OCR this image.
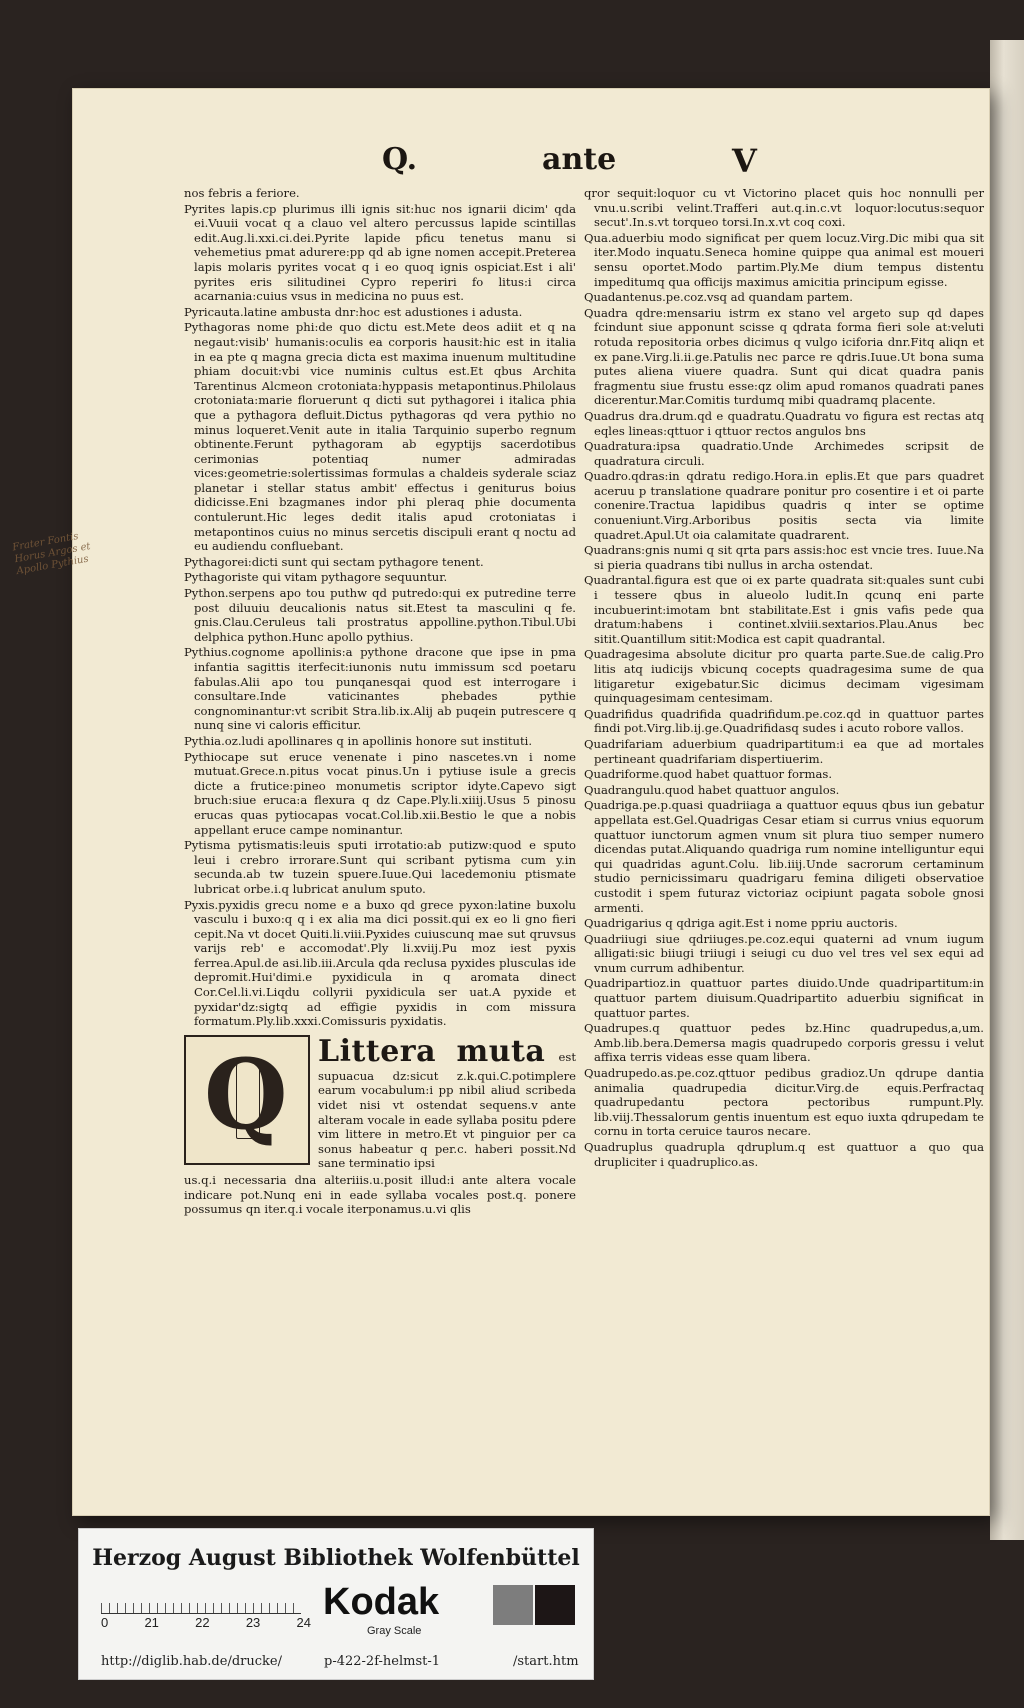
Q.	ante	V

nos febris a feriore.

Pyrites lapis.cp plurimus illi ignis sit:huc nos ignarii dicim' qda ei.Vuuii vocat q a clauo vel altero percussus lapide scintillas edit.Aug.li.xxi.ci.dei.Pyrite lapide pficu tenetus manu si vehemetius pmat adurere:pp qd ab igne nomen accepit.Preterea lapis molaris pyrites vocat q i eo quoq ignis ospiciat.Est i ali' pyrites eris silitudinei Cypro reperiri fo litus:i circa acarnania:cuius vsus in medicina no puus est.

Pyricauta.latine ambusta dnr:hoc est adustiones i adusta.

Pythagoras nome phi:de quo dictu est.Mete deos adiit et q na negaut:visib' humanis:oculis ea corporis hausit:hic est in italia in ea pte q magna grecia dicta est maxima inuenum multitudine phiam docuit:vbi vice numinis cultus est.Et qbus Archita Tarentinus Alcmeon crotoniata:hyppasis metapontinus.Philolaus crotoniata:marie floruerunt q dicti sut pythagorei i italica phia que a pythagora defluit.Dictus pythagoras qd vera pythio no minus loqueret.Venit aute in italia Tarquinio superbo regnum obtinente.Ferunt pythagoram ab egyptijs sacerdotibus cerimonias potentiaq numer admiradas vices:geometrie:solertissimas formulas a chaldeis syderale sciaz planetar i stellar status ambit' effectus i geniturus boius didicisse.Eni bzagmanes indor phi pleraq phie documenta contulerunt.Hic leges dedit italis apud crotoniatas i metapontinos cuius no minus sercetis discipuli erant q noctu ad eu audiendu confluebant.

Pythagorei:dicti sunt qui sectam pythagore tenent.

Pythagoriste qui vitam pythagore sequuntur.

Python.serpens apo tou puthw qd putredo:qui ex putredine terre post diluuiu deucalionis natus sit.Etest ta masculini q fe. gnis.Clau.Ceruleus tali prostratus appolline.python.Tibul.Ubi delphica python.Hunc apollo pythius.

Pythius.cognome apollinis:a pythone dracone que ipse in pma infantia sagittis iterfecit:iunonis nutu immissum scd poetaru fabulas.Alii apo tou punqanesqai quod est interrogare i consultare.Inde vaticinantes phebades pythie congnominantur:vt scribit Stra.lib.ix.Alij ab puqein putrescere q nunq sine vi caloris efficitur.

Pythia.oz.ludi apollinares q in apollinis honore sut instituti.

Pythiocape sut eruce venenate i pino nascetes.vn i nome mutuat.Grece.n.pitus vocat pinus.Un i pytiuse isule a grecis dicte a frutice:pineo monumetis scriptor idyte.Capevo sigt bruch:siue eruca:a flexura q dz Cape.Ply.li.xiiij.Usus 5 pinosu erucas quas pytiocapas vocat.Col.lib.xii.Bestio le que a nobis appellant eruce campe nominantur.

Pytisma pytismatis:leuis sputi irrotatio:ab putizw:quod e sputo leui i crebro irrorare.Sunt qui scribant pytisma cum y.in secunda.ab tw tuzein spuere.Iuue.Qui lacedemoniu ptismate lubricat orbe.i.q lubricat anulum sputo.

Pyxis.pyxidis grecu nome e a buxo qd grece pyxon:latine buxolu vasculu i buxo:q q i ex alia ma dici possit.qui ex eo li gno fieri cepit.Na vt docet Quiti.li.viii.Pyxides cuiuscunq mae sut qruvsus varijs reb' e accomodat'.Ply li.xviij.Pu moz iest pyxis ferrea.Apul.de asi.lib.iii.Arcula qda reclusa pyxides plusculas ide depromit.Hui'dimi.e pyxidicula in q aromata dinect Cor.Cel.li.vi.Liqdu collyrii pyxidicula ser uat.A pyxide et pyxidar'dz:sigtq ad effigie pyxidis in com missura formatum.Ply.lib.xxxi.Comissuris pyxidatis.

Q Littera muta est supuacua dz:sicut z.k.qui.C.potimplere earum vocabulum:i pp nibil aliud scribeda videt nisi vt ostendat sequens.v ante alteram vocale in eade syllaba positu pdere vim littere in metro.Et vt pinguior per ca sonus habeatur q per.c. haberi possit.Nd sane terminatio ipsi

us.q.i necessaria dna alteriiis.u.posit illud:i ante altera vocale indicare pot.Nunq eni in eade syllaba vocales post.q. ponere possumus qn iter.q.i vocale iterponamus.u.vi qlis

qror sequit:loquor cu vt Victorino placet quis hoc nonnulli per vnu.u.scribi velint.Trafferi aut.q.in.c.vt loquor:locutus:sequor secut'.In.s.vt torqueo torsi.In.x.vt coq coxi.

Qua.aduerbiu modo significat per quem locuz.Virg.Dic mibi qua sit iter.Modo inquatu.Seneca homine quippe qua animal est moueri sensu oportet.Modo partim.Ply.Me dium tempus distentu impeditumq qua officijs maximus amicitia principum egisse.

Quadantenus.pe.coz.vsq ad quandam partem.

Quadra qdre:mensariu istrm ex stano vel argeto sup qd dapes fcindunt siue apponunt scisse q qdrata forma fieri sole at:veluti rotuda repositoria orbes dicimus q vulgo iciforia dnr.Fitq aliqn et ex pane.Virg.li.ii.ge.Patulis nec parce re qdris.Iuue.Ut bona suma putes aliena viuere quadra. Sunt qui dicat quadra panis fragmentu siue frustu esse:qz olim apud romanos quadrati panes dicerentur.Mar.Comitis turdumq mibi quadramq placente.

Quadrus dra.drum.qd e quadratu.Quadratu vo figura est rectas atq eqles lineas:qttuor i qttuor rectos angulos bns

Quadratura:ipsa quadratio.Unde Archimedes scripsit de quadratura circuli.

Quadro.qdras:in qdratu redigo.Hora.in eplis.Et que pars quadret aceruu p translatione quadrare ponitur pro cosentire i et oi parte conenire.Tractua lapidibus quadris q inter se optime conueniunt.Virg.Arboribus positis secta via limite quadret.Apul.Ut oia calamitate quadrarent.

Quadrans:gnis numi q sit qrta pars assis:hoc est vncie tres. Iuue.Na si pieria quadrans tibi nullus in archa ostendat.

Quadrantal.figura est que oi ex parte quadrata sit:quales sunt cubi i tessere qbus in alueolo ludit.In qcunq eni parte incubuerint:imotam bnt stabilitate.Est i gnis vafis pede qua dratum:habens i continet.xlviii.sextarios.Plau.Anus bec sitit.Quantillum sitit:Modica est capit quadrantal.

Quadragesima absolute dicitur pro quarta parte.Sue.de calig.Pro litis atq iudicijs vbicunq cocepts quadragesima sume de qua litigaretur exigebatur.Sic dicimus decimam vigesimam quinquagesimam centesimam.

Quadrifidus quadrifida quadrifidum.pe.coz.qd in quattuor partes findi pot.Virg.lib.ij.ge.Quadrifidasq sudes i acuto robore vallos.

Quadrifariam aduerbium quadripartitum:i ea que ad mortales pertineant quadrifariam dispertiuerim.

Quadriforme.quod habet quattuor formas.

Quadrangulu.quod habet quattuor angulos.

Quadriga.pe.p.quasi quadriiaga a quattuor equus qbus iun gebatur appellata est.Gel.Quadrigas Cesar etiam si currus vnius equorum quattuor iunctorum agmen vnum sit plura tiuo semper numero dicendas putat.Aliquando quadriga rum nomine intelliguntur equi qui quadridas agunt.Colu. lib.iiij.Unde sacrorum certaminum studio pernicissimaru quadrigaru femina diligeti observatioe custodit i spem futuraz victoriaz ocipiunt pagata sobole gnosi armenti.

Quadrigarius q qdriga agit.Est i nome ppriu auctoris.

Quadriiugi siue qdriiuges.pe.coz.equi quaterni ad vnum iugum alligati:sic biiugi triiugi i seiugi cu duo vel tres vel sex equi ad vnum currum adhibentur.

Quadripartioz.in quattuor partes diuido.Unde quadripartitum:in quattuor partem diuisum.Quadripartito aduerbiu significat in quattuor partes.

Quadrupes.q quattuor pedes bz.Hinc quadrupedus,a,um. Amb.lib.bera.Demersa magis quadrupedo corporis gressu i velut affixa terris videas esse quam libera.

Quadrupedo.as.pe.coz.qttuor pedibus gradioz.Un qdrupe dantia animalia quadrupedia dicitur.Virg.de equis.Perfractaq quadrupedantu pectora pectoribus rumpunt.Ply. lib.viij.Thessalorum gentis inuentum est equo iuxta qdrupedam te cornu in torta ceruice tauros necare.

Quadruplus quadrupla qdruplum.q est quattuor a quo qua drupliciter i quadruplico.as.

Frater Fontis Horus Argos et Apollo Pythius
Herzog August Bibliothek Wolfenbüttel
0	21	22	23	24 Kodak
Gray Scale
http://diglib.hab.de/drucke/	p-422-2f-helmst-1	/start.htm
